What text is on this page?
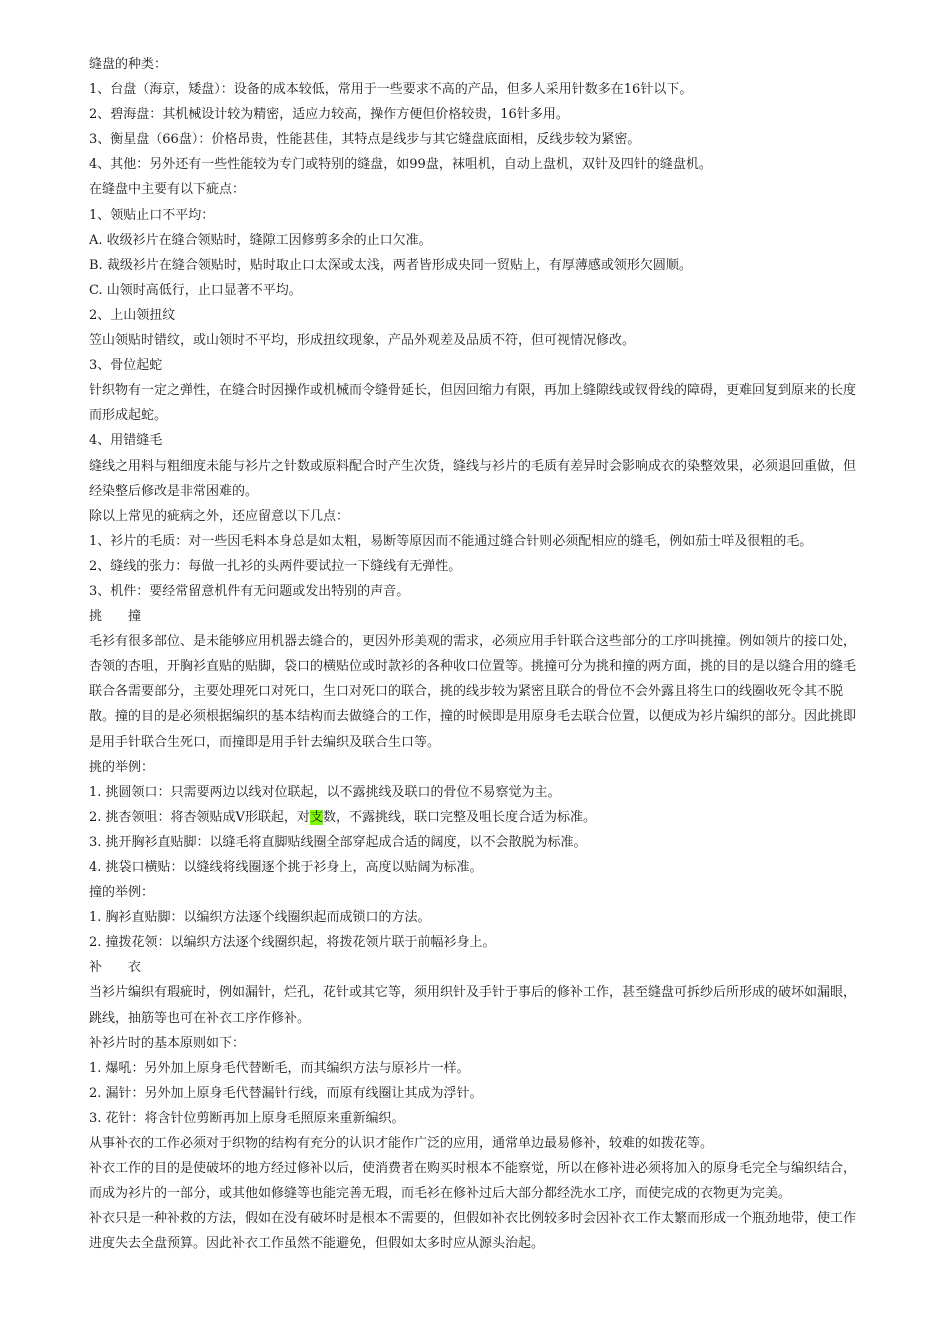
缝盘的种类：

1、台盘（海京，矮盘）：设备的成本较低，常用于一些要求不高的产品，但多人采用针数多在16针以下。

2、碧海盘：其机械设计较为精密，适应力较高，操作方便但价格较贵，16针多用。

3、衡星盘（66盘）：价格昂贵，性能甚佳，其特点是线步与其它缝盘底面相，反线步较为紧密。

4、其他：另外还有一些性能较为专门或特别的缝盘，如99盘，袜咀机，自动上盘机，双针及四针的缝盘机。

在缝盘中主要有以下疵点：

1、领贴止口不平均：

A. 收级衫片在缝合领贴时，缝隙工因修剪多余的止口欠准。

B. 裁级衫片在缝合领贴时，贴时取止口太深或太浅，两者皆形成央同一贸贴上，有厚薄感或领形欠圆顺。

C. 山领时高低行，止口显著不平均。

2、上山领扭纹

笠山领贴时错纹，或山领时不平均，形成扭纹现象，产品外观差及品质不符，但可视情况修改。

3、骨位起蛇

针织物有一定之弹性，在缝合时因操作或机械而令缝骨延长，但因回缩力有限，再加上缝隙线或钗骨线的障碍，更难回复到原来的长度而形成起蛇。

4、用错缝毛

缝线之用料与粗细度未能与衫片之针数或原料配合时产生次货，缝线与衫片的毛质有差异时会影响成衣的染整效果，必须退回重做，但经染整后修改是非常困难的。

除以上常见的疵病之外，还应留意以下几点：

1、衫片的毛质：对一些因毛料本身总是如太粗，易断等原因而不能通过缝合针则必须配相应的缝毛，例如茄士咩及很粗的毛。

2、缝线的张力：每做一扎衫的头两件要试拉一下缝线有无弹性。

3、机件：要经常留意机件有无问题或发出特别的声音。

挑　　撞

毛衫有很多部位、是未能够应用机器去缝合的，更因外形美观的需求，必须应用手针联合这些部分的工序叫挑撞。例如领片的接口处，杏领的杏咀，开胸衫直贴的贴脚，袋口的横贴位或时款衫的各种收口位置等。挑撞可分为挑和撞的两方面，挑的目的是以缝合用的缝毛联合各需要部分，主要处理死口对死口，生口对死口的联合，挑的线步较为紧密且联合的骨位不会外露且将生口的线圈收死令其不脱散。撞的目的是必须根据编织的基本结构而去做缝合的工作，撞的时候即是用原身毛去联合位置，以便成为衫片编织的部分。因此挑即是用手针联合生死口，而撞即是用手针去编织及联合生口等。

挑的举例：

1. 挑圆领口：只需要两边以线对位联起，以不露挑线及联口的骨位不易察觉为主。

2. 挑杏领咀：将杏领贴成V形联起，对支数，不露挑线，联口完整及咀长度合适为标准。

3. 挑开胸衫直贴脚：以缝毛将直脚贴线圈全部穿起成合适的阔度，以不会散脱为标准。

4. 挑袋口横贴：以缝线将线圈逐个挑于衫身上，高度以贴阔为标准。

撞的举例：

1. 胸衫直贴脚：以编织方法逐个线圈织起而成锁口的方法。

2. 撞拨花领：以编织方法逐个线圈织起，将拨花领片联于前幅衫身上。

补　　衣

当衫片编织有瑕疵时，例如漏针，烂孔，花针或其它等，须用织针及手针于事后的修补工作，甚至缝盘可拆纱后所形成的破坏如漏眼，跳线，抽筋等也可在补衣工序作修补。

补衫片时的基本原则如下：

1. 爆吼：另外加上原身毛代替断毛，而其编织方法与原衫片一样。

2. 漏针：另外加上原身毛代替漏针行线，而原有线圈让其成为浮针。

3. 花针：将含针位剪断再加上原身毛照原来重新编织。

从事补衣的工作必须对于织物的结构有充分的认识才能作广泛的应用，通常单边最易修补，较难的如拨花等。

补衣工作的目的是使破坏的地方经过修补以后，使消费者在购买时根本不能察觉，所以在修补进必须将加入的原身毛完全与编织结合，而成为衫片的一部分，或其他如修缝等也能完善无瑕，而毛衫在修补过后大部分都经洗水工序，而使完成的衣物更为完美。

补衣只是一种补救的方法，假如在没有破坏时是根本不需要的，但假如补衣比例较多时会因补衣工作太繁而形成一个瓶劲地带，使工作进度失去全盘预算。因此补衣工作虽然不能避免，但假如太多时应从源头治起。
